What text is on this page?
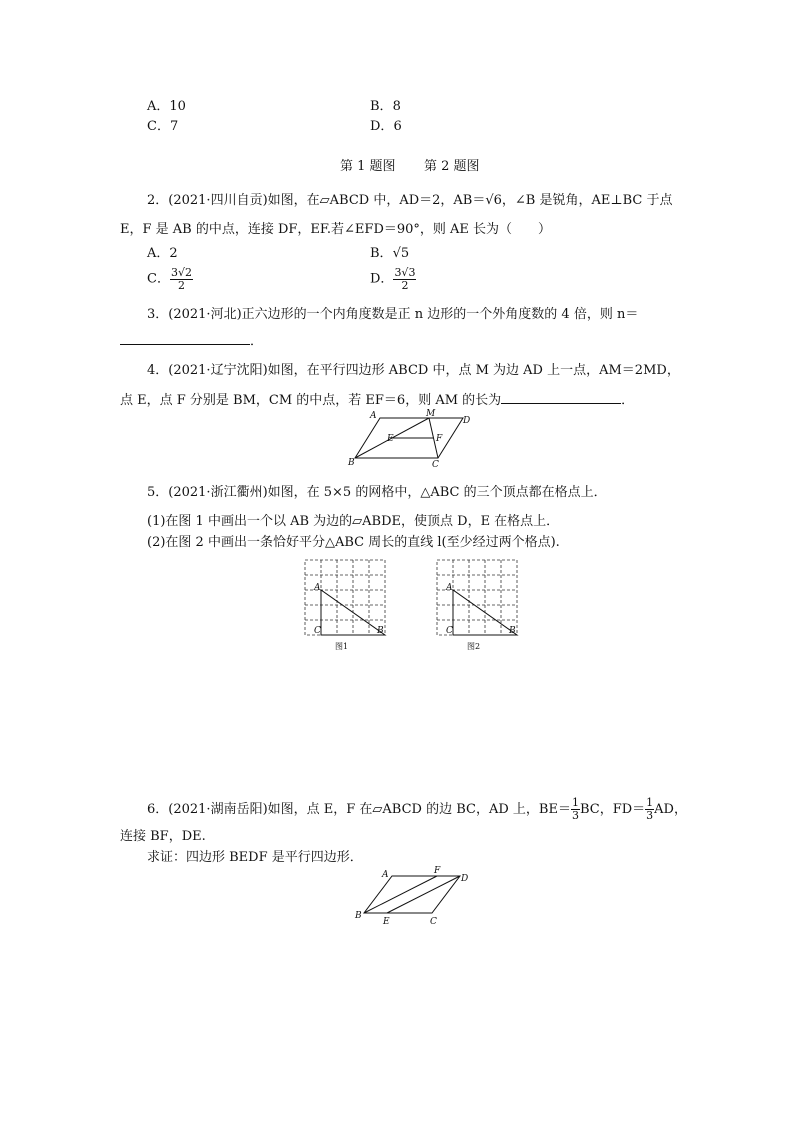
A．10	B．8
C．7	D．6
第 1 题图 第 2 题图
2．(2021·四川自贡)如图，在▱ABCD 中，AD＝2，AB＝√6，∠B 是锐角，AE⊥BC 于点
E，F 是 AB 的中点，连接 DF，EF.若∠EFD＝90°，则 AE 长为（　　）
A．2	B．√5
C． $\frac{3√2}{2}$	D． $\frac{3√3}{2}$
3．(2021·河北)正六边形的一个内角度数是正 n 边形的一个外角度数的 4 倍，则 n＝
．
4．(2021·辽宁沈阳)如图，在平行四边形 ABCD 中，点 M 为边 AD 上一点，AM＝2MD，
点 E，点 F 分别是 BM，CM 的中点，若 EF＝6，则 AM 的长为	．
A	M
D
E	F
B	C
5．(2021·浙江衢州)如图，在 5×5 的网格中，△ABC 的三个顶点都在格点上．
(1)在图 1 中画出一个以 AB 为边的▱ABDE，使顶点 D，E 在格点上．
(2)在图 2 中画出一条恰好平分△ABC 周长的直线 l(至少经过两个格点).
A
C	B
图1
A
C	B
图2
6．(2021·湖南岳阳)如图，点 E，F 在▱ABCD 的边 BC，AD 上，$BE= \frac{1}{3}$ BC，$FD= \frac{1}{3}$ AD，
连接 BF，DE.
求证：四边形 BEDF 是平行四边形．
A	F
D
B
E	C
